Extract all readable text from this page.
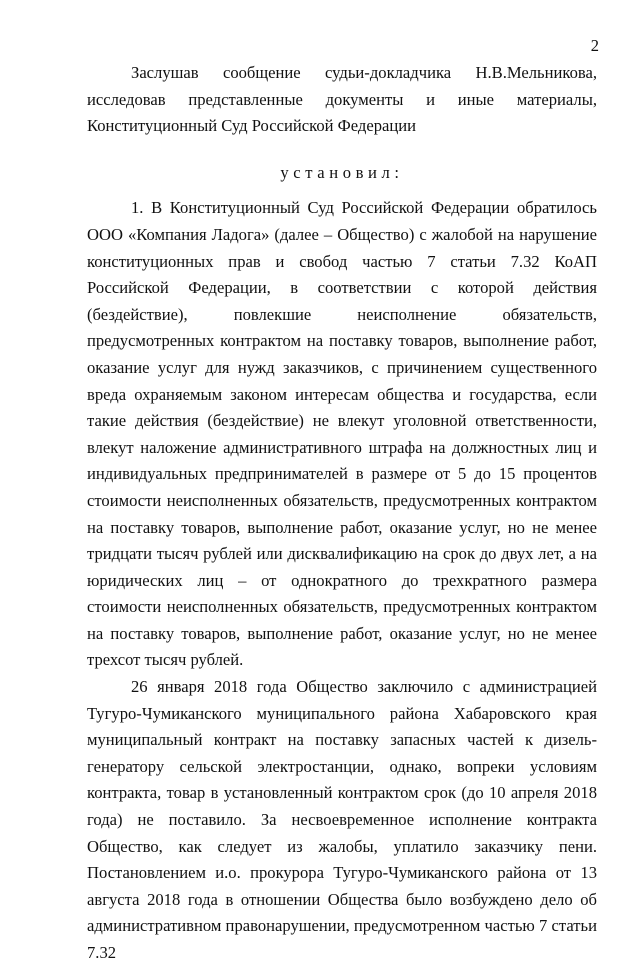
2

Заслушав сообщение судьи-докладчика Н.В.Мельникова, исследовав представленные документы и иные материалы, Конституционный Суд Российской Федерации

установил:

1. В Конституционный Суд Российской Федерации обратилось ООО «Компания Ладога» (далее – Общество) с жалобой на нарушение конституционных прав и свобод частью 7 статьи 7.32 КоАП Российской Федерации, в соответствии с которой действия (бездействие), повлекшие неисполнение обязательств, предусмотренных контрактом на поставку товаров, выполнение работ, оказание услуг для нужд заказчиков, с причинением существенного вреда охраняемым законом интересам общества и государства, если такие действия (бездействие) не влекут уголовной ответственности, влекут наложение административного штрафа на должностных лиц и индивидуальных предпринимателей в размере от 5 до 15 процентов стоимости неисполненных обязательств, предусмотренных контрактом на поставку товаров, выполнение работ, оказание услуг, но не менее тридцати тысяч рублей или дисквалификацию на срок до двух лет, а на юридических лиц – от однократного до трехкратного размера стоимости неисполненных обязательств, предусмотренных контрактом на поставку товаров, выполнение работ, оказание услуг, но не менее трехсот тысяч рублей.

26 января 2018 года Общество заключило с администрацией Тугуро-Чумиканского муниципального района Хабаровского края муниципальный контракт на поставку запасных частей к дизель-генератору сельской электростанции, однако, вопреки условиям контракта, товар в установленный контрактом срок (до 10 апреля 2018 года) не поставило. За несвоевременное исполнение контракта Общество, как следует из жалобы, уплатило заказчику пени. Постановлением и.о. прокурора Тугуро-Чумиканского района от 13 августа 2018 года в отношении Общества было возбуждено дело об административном правонарушении, предусмотренном частью 7 статьи 7.32
